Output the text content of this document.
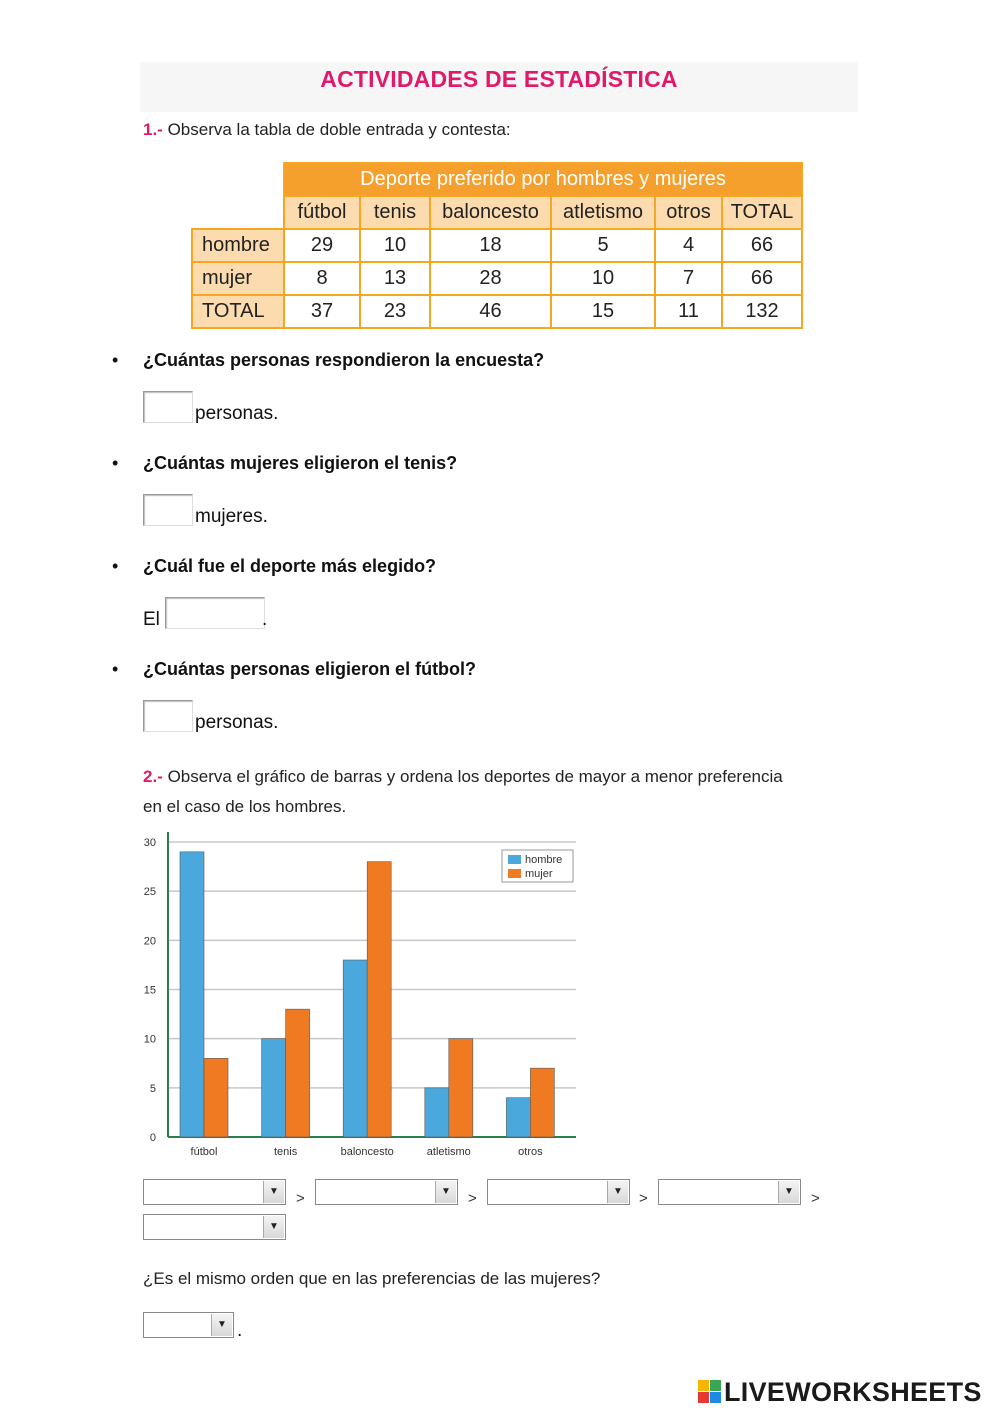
ACTIVIDADES DE ESTADÍSTICA
1.- Observa la tabla de doble entrada y contesta:
	Deporte preferido por hombres y mujeres					
	fútbol	tenis	baloncesto	atletismo	otros	TOTAL
hombre	29	10	18	5	4	66
mujer	8	13	28	10	7	66
TOTAL	37	23	46	15	11	132
• ¿Cuántas personas respondieron la encuesta?
personas.
• ¿Cuántas mujeres eligieron el tenis?
mujeres.
• ¿Cuál fue el deporte más elegido?
El	.
• ¿Cuántas personas eligieron el fútbol?
personas.
2.- Observa el gráfico de barras y ordena los deportes de mayor a menor preferencia
en el caso de los hombres.
0
5
10
15
20
25
30
fútbol	tenis	baloncesto	atletismo	otros
hombre
mujer
▼	>	▼	>	▼	>	▼	>
▼
¿Es el mismo orden que en las preferencias de las mujeres?
▼ .
LIVEWORKSHEETS
